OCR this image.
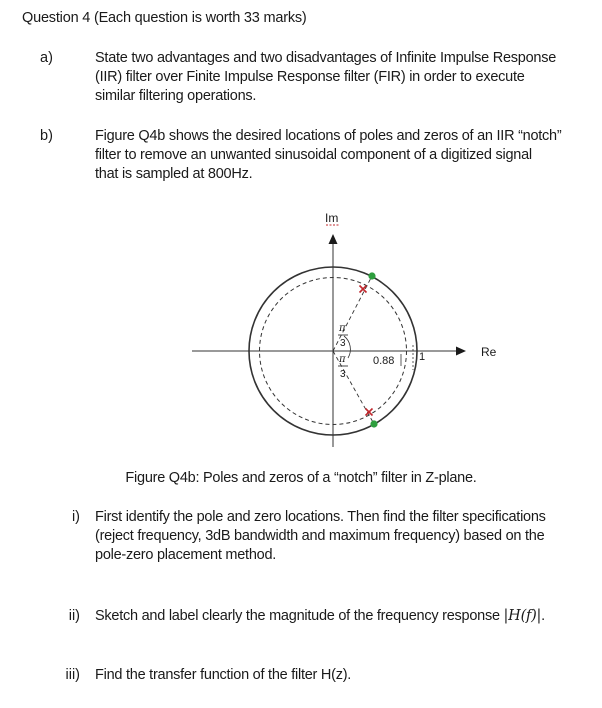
Question 4 (Each question is worth 33 marks)
a)	State two advantages and two disadvantages of Infinite Impulse Response
(IIR) filter over Finite Impulse Response filter (FIR) in order to execute
similar filtering operations.
b)	Figure Q4b shows the desired locations of poles and zeros of an IIR “notch”
filter to remove an unwanted sinusoidal component of a digitized signal
that is sampled at 800Hz.
Im
Re
π
3
π
3
0.88 1
Figure Q4b: Poles and zeros of a “notch” filter in Z-plane.
i) First identify the pole and zero locations. Then find the filter specifications
(reject frequency, 3dB bandwidth and maximum frequency) based on the
pole-zero placement method.
ii) Sketch and label clearly the magnitude of the frequency response |H(f)|.
iii) Find the transfer function of the filter H(z).
